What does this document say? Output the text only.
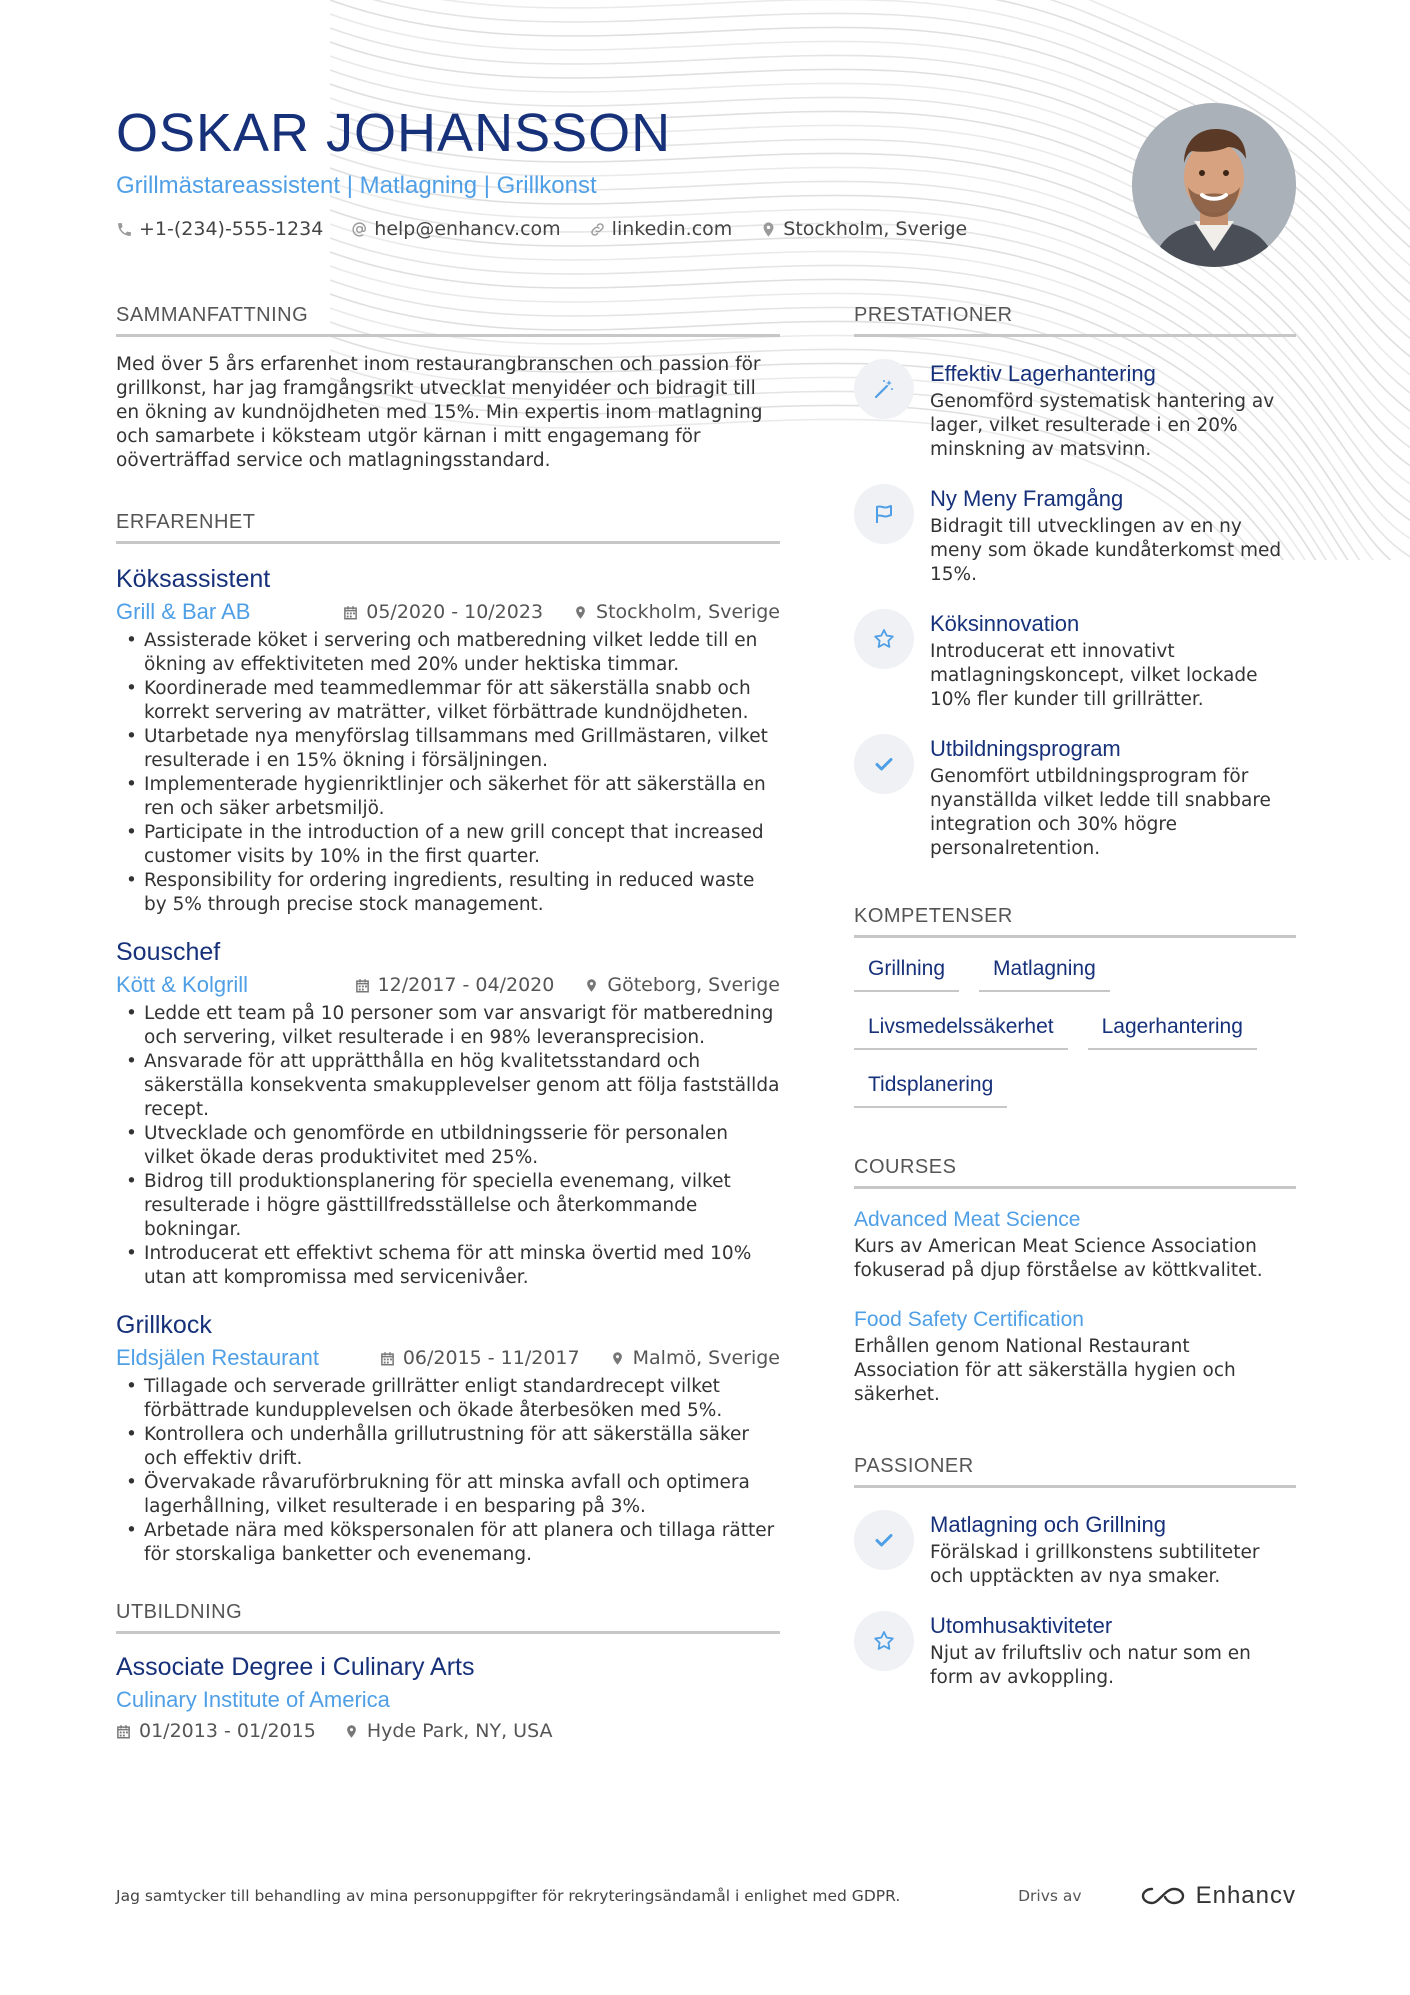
OSKAR JOHANSSON
Grillmästareassistent | Matlagning | Grillkonst
+1-(234)-555-1234	help@enhancv.com	linkedin.com	Stockholm, Sverige
SAMMANFATTNING

Med över 5 års erfarenhet inom restaurangbranschen och passion för grillkonst, har jag framgångsrikt utvecklat menyidéer och bidragit till en ökning av kundnöjdheten med 15%. Min expertis inom matlagning och samarbete i köksteam utgör kärnan i mitt engagemang för oöverträffad service och matlagningsstandard.

ERFARENHET
Köksassistent
Grill & Bar AB	05/2020 - 10/2023	Stockholm, Sverige
• Assisterade köket i servering och matberedning vilket ledde till en ökning av effektiviteten med 20% under hektiska timmar.
• Koordinerade med teammedlemmar för att säkerställa snabb och korrekt servering av maträtter, vilket förbättrade kundnöjdheten.
• Utarbetade nya menyförslag tillsammans med Grillmästaren, vilket resulterade i en 15% ökning i försäljningen.
• Implementerade hygienriktlinjer och säkerhet för att säkerställa en ren och säker arbetsmiljö.
• Participate in the introduction of a new grill concept that increased customer visits by 10% in the first quarter.
• Responsibility for ordering ingredients, resulting in reduced waste by 5% through precise stock management.
Souschef
Kött & Kolgrill	12/2017 - 04/2020	Göteborg, Sverige
• Ledde ett team på 10 personer som var ansvarigt för matberedning och servering, vilket resulterade i en 98% leveransprecision.
• Ansvarade för att upprätthålla en hög kvalitetsstandard och säkerställa konsekventa smakupplevelser genom att följa fastställda recept.
• Utvecklade och genomförde en utbildningsserie för personalen vilket ökade deras produktivitet med 25%.
• Bidrog till produktionsplanering för speciella evenemang, vilket resulterade i högre gästtillfredsställelse och återkommande bokningar.
• Introducerat ett effektivt schema för att minska övertid med 10% utan att kompromissa med servicenivåer.
Grillkock
Eldsjälen Restaurant	06/2015 - 11/2017	Malmö, Sverige
• Tillagade och serverade grillrätter enligt standardrecept vilket förbättrade kundupplevelsen och ökade återbesöken med 5%.
• Kontrollera och underhålla grillutrustning för att säkerställa säker och effektiv drift.
• Övervakade råvaruförbrukning för att minska avfall och optimera lagerhållning, vilket resulterade i en besparing på 3%.
• Arbetade nära med kökspersonalen för att planera och tillaga rätter för storskaliga banketter och evenemang.
UTBILDNING
Associate Degree i Culinary Arts
Culinary Institute of America
01/2013 - 01/2015	Hyde Park, NY, USA
PRESTATIONER
Effektiv Lagerhantering
Genomförd systematisk hantering av lager, vilket resulterade i en 20% minskning av matsvinn.
Ny Meny Framgång
Bidragit till utvecklingen av en ny meny som ökade kundåterkomst med 15%.
Köksinnovation
Introducerat ett innovativt matlagningskoncept, vilket lockade 10% fler kunder till grillrätter.
Utbildningsprogram
Genomfört utbildningsprogram för nyanställda vilket ledde till snabbare integration och 30% högre personalretention.
KOMPETENSER
Grillning	Matlagning
Livsmedelssäkerhet	Lagerhantering
Tidsplanering
COURSES
Advanced Meat Science
Kurs av American Meat Science Association fokuserad på djup förståelse av köttkvalitet.
Food Safety Certification
Erhållen genom National Restaurant Association för att säkerställa hygien och säkerhet.
PASSIONER
Matlagning och Grillning
Förälskad i grillkonstens subtiliteter och upptäckten av nya smaker.
Utomhusaktiviteter
Njut av friluftsliv och natur som en form av avkoppling.
Jag samtycker till behandling av mina personuppgifter för rekryteringsändamål i enlighet med GDPR.	Drivs av	Enhancv
